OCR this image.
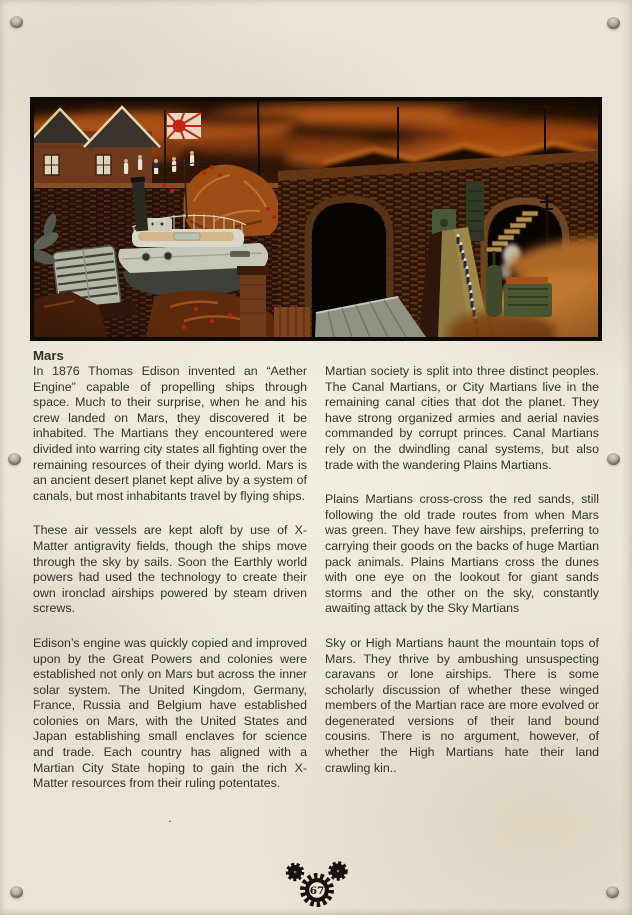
Mars

In 1876 Thomas Edison invented an “Aether Engine” capable of propelling ships through space. Much to their surprise, when he and his crew landed on Mars, they discovered it be inhabited. The Martians they encountered were divided into warring city states all fighting over the remaining resources of their dying world. Mars is an ancient desert planet kept alive by a system of canals, but most inhabitants travel by flying ships.

These air vessels are kept aloft by use of X-Matter antigravity fields, though the ships move through the sky by sails. Soon the Earthly world powers had used the technology to create their own ironclad airships powered by steam driven screws.

Edison’s engine was quickly copied and improved upon by the Great Powers and colonies were established not only on Mars but across the inner solar system. The United Kingdom, Germany, France, Russia and Belgium have established colonies on Mars, with the United States and Japan establishing small enclaves for science and trade. Each country has aligned with a Martian City State hoping to gain the rich X-Matter resources from their ruling potentates.

.

Martian society is split into three distinct peoples. The Canal Martians, or City Martians live in the remaining canal cities that dot the planet. They have strong organized armies and aerial navies commanded by corrupt princes. Canal Martians rely on the dwindling canal systems, but also trade with the wandering Plains Martians.

Plains Martians cross-cross the red sands, still following the old trade routes from when Mars was green. They have few airships, preferring to carrying their goods on the backs of huge Martian pack animals. Plains Martians cross the dunes with one eye on the lookout for giant sands storms and the other on the sky, constantly awaiting attack by the Sky Martians

Sky or High Martians haunt the mountain tops of Mars. They thrive by ambushing unsuspecting caravans or lone airships. There is some scholarly discussion of whether these winged members of the Martian race are more evolved or degenerated versions of their land bound cousins. There is no argument, however, of whether the High Martians hate their land crawling kin..

67
